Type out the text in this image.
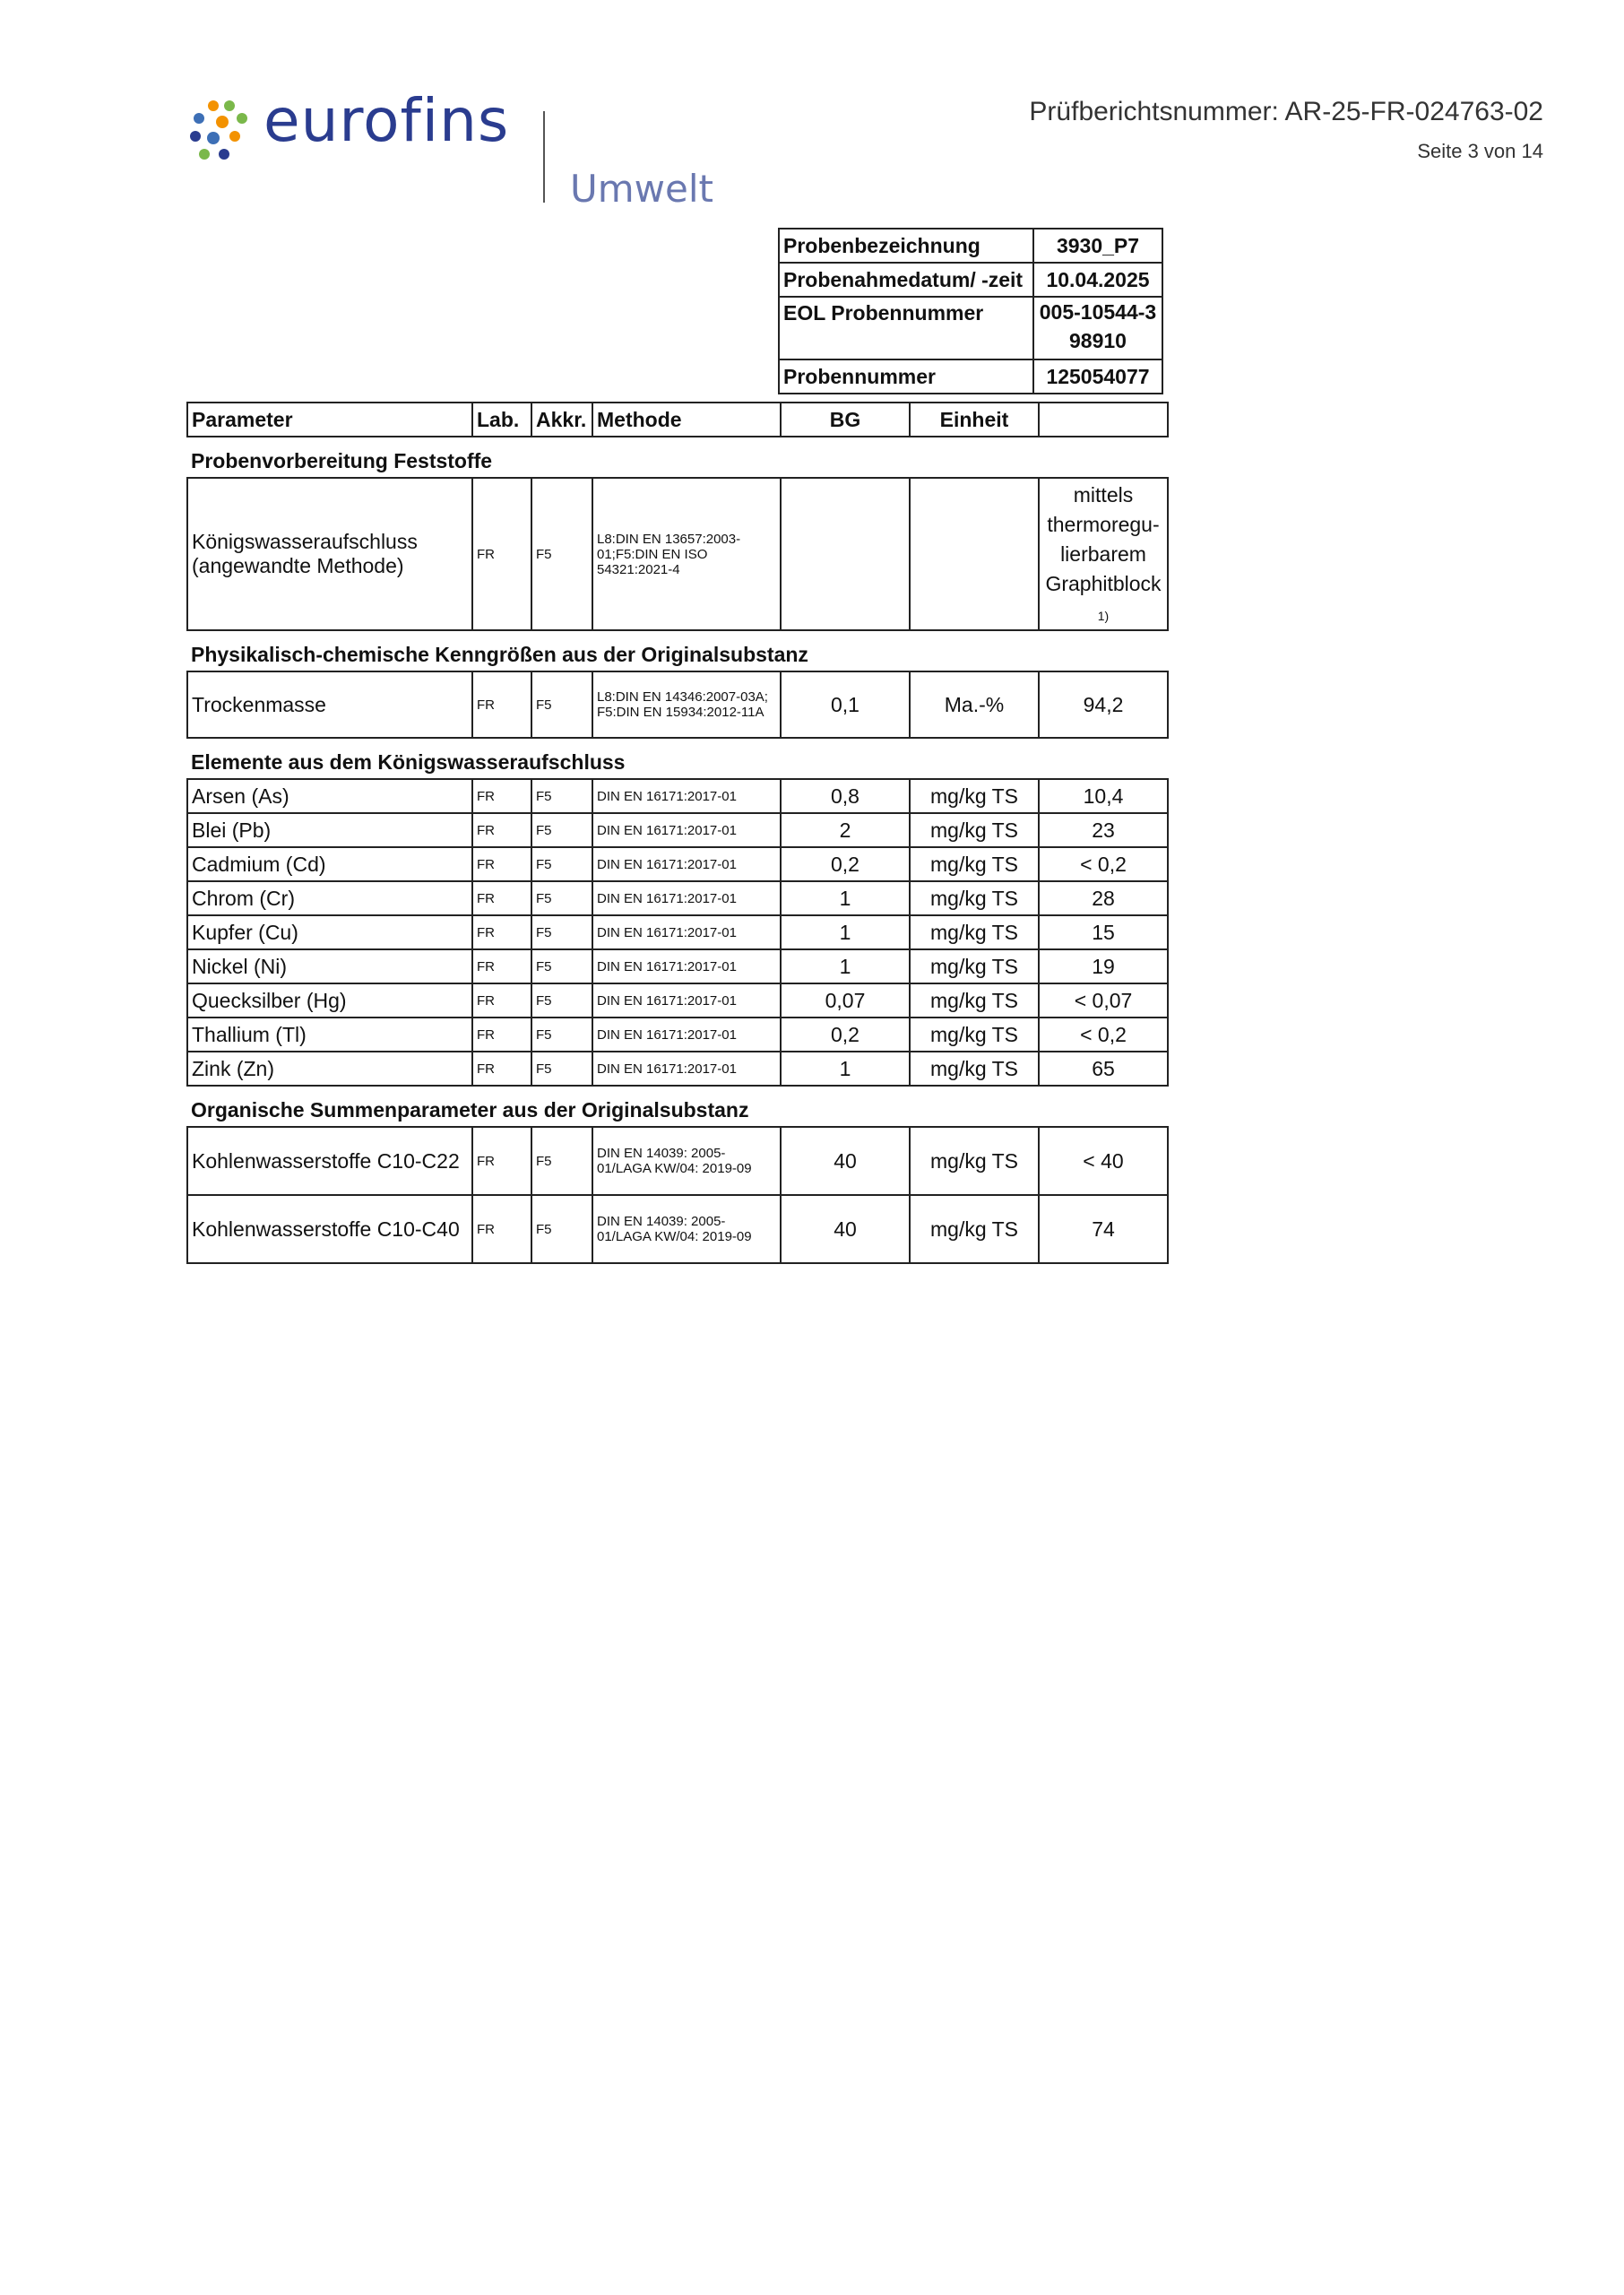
eurofins
Umwelt
Prüfberichtsnummer: AR-25-FR-024763-02
Seite 3 von 14
Probenbezeichnung	3930_P7
Probenahmedatum/ -zeit	10.04.2025
EOL Probennummer	005-10544-398910
Probennummer	125054077
Parameter	Lab.	Akkr.	Methode	BG	Einheit	
Probenvorbereitung Feststoffe						
Königswasseraufschluss (angewandte Methode)	FR	F5	L8:DIN EN 13657:2003-01;F5:DIN EN ISO 54321:2021-4			mittels thermoregu-lierbarem Graphitblock
1)
Physikalisch-chemische Kenngrößen aus der Originalsubstanz						
Trockenmasse	FR	F5	L8:DIN EN 14346:2007-03A; F5:DIN EN 15934:2012-11A	0,1	Ma.-%	94,2
Elemente aus dem Königswasseraufschluss						
Arsen (As)	FR	F5	DIN EN 16171:2017-01	0,8	mg/kg TS	10,4
Blei (Pb)	FR	F5	DIN EN 16171:2017-01	2	mg/kg TS	23
Cadmium (Cd)	FR	F5	DIN EN 16171:2017-01	0,2	mg/kg TS	< 0,2
Chrom (Cr)	FR	F5	DIN EN 16171:2017-01	1	mg/kg TS	28
Kupfer (Cu)	FR	F5	DIN EN 16171:2017-01	1	mg/kg TS	15
Nickel (Ni)	FR	F5	DIN EN 16171:2017-01	1	mg/kg TS	19
Quecksilber (Hg)	FR	F5	DIN EN 16171:2017-01	0,07	mg/kg TS	< 0,07
Thallium (Tl)	FR	F5	DIN EN 16171:2017-01	0,2	mg/kg TS	< 0,2
Zink (Zn)	FR	F5	DIN EN 16171:2017-01	1	mg/kg TS	65
Organische Summenparameter aus der Originalsubstanz						
Kohlenwasserstoffe C10-C22	FR	F5	DIN EN 14039: 2005-01/LAGA KW/04: 2019-09	40	mg/kg TS	< 40
Kohlenwasserstoffe C10-C40	FR	F5	DIN EN 14039: 2005-01/LAGA KW/04: 2019-09	40	mg/kg TS	74
